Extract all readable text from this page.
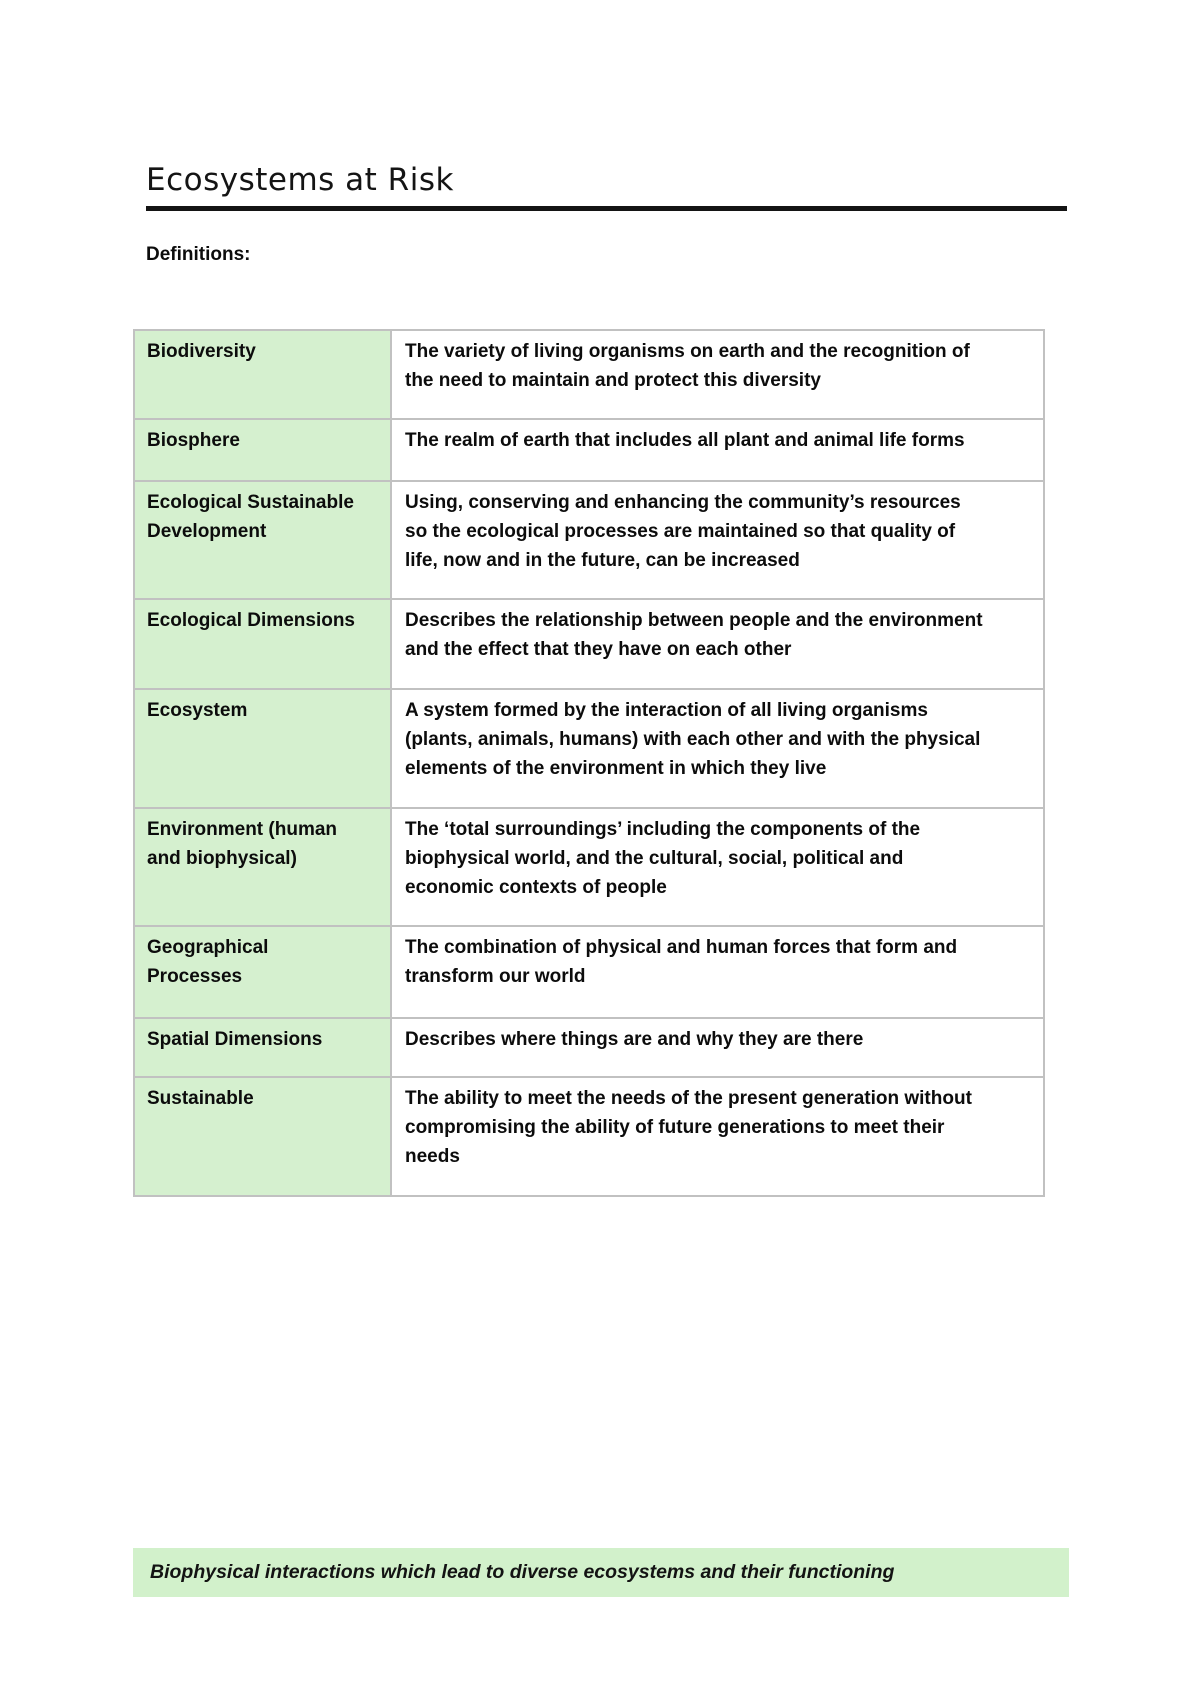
Ecosystems at Risk
Definitions:
Biodiversity	The variety of living organisms on earth and the recognition of the need to maintain and protect this diversity

Biosphere	The realm of earth that includes all plant and animal life forms

Ecological Sustainable Development	Using, conserving and enhancing the community’s resources so the ecological processes are maintained so that quality of life, now and in the future, can be increased

Ecological Dimensions	Describes the relationship between people and the environment and the effect that they have on each other

Ecosystem	A system formed by the interaction of all living organisms (plants, animals, humans) with each other and with the physical elements of the environment in which they live

Environment (human and biophysical)	The ‘total surroundings’ including the components of the biophysical world, and the cultural, social, political and economic contexts of people

Geographical Processes	The combination of physical and human forces that form and transform our world

Spatial Dimensions	Describes where things are and why they are there

Sustainable	The ability to meet the needs of the present generation without compromising the ability of future generations to meet their needs
Biophysical interactions which lead to diverse ecosystems and their functioning
